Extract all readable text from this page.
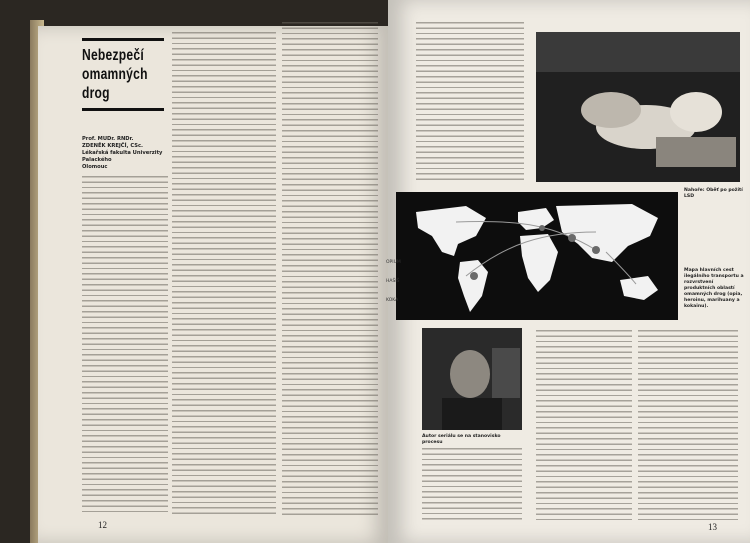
Nebezpečí
omamných
drog
Prof. MUDr. RNDr.
ZDENĚK KREJČÍ, CSc.
Lékařská fakulta Univerzity Palackého
Olomouc
12
Nahoře: Oběť po požití LSD
OPIUM
HAŠIŠ
KOKA
Mapa hlavních cest ilegálního transportu a rozvrstvení produktních oblastí omamných drog (opia, heroinu, marihuany a kokainu).
Autor seriálu se na stanovisko procesu
13
